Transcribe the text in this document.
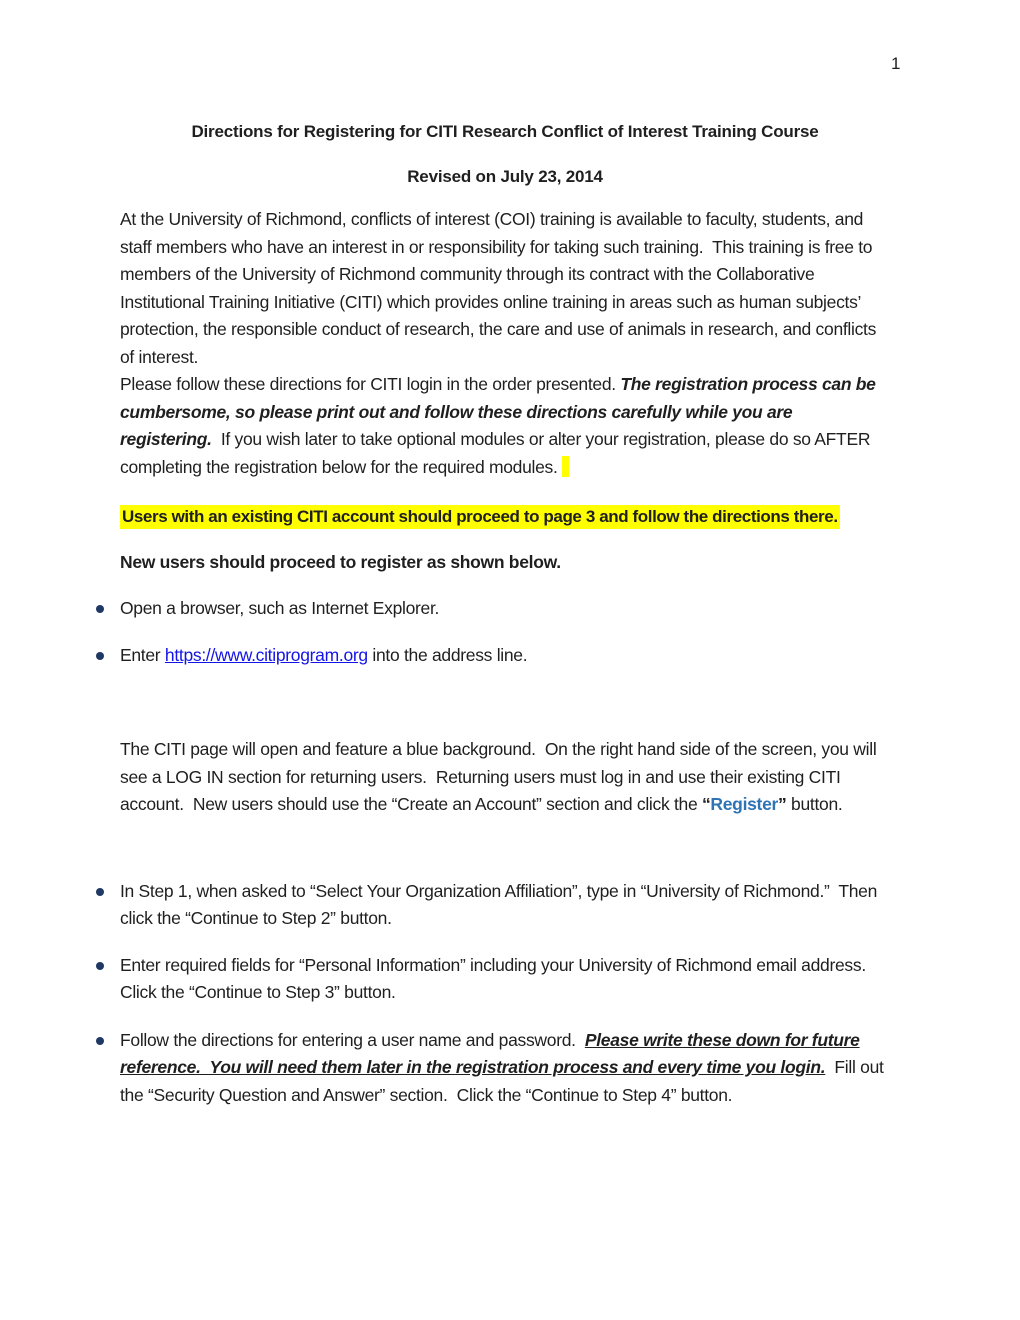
1
Directions for Registering for CITI Research Conflict of Interest Training Course
Revised on July 23, 2014
At the University of Richmond, conflicts of interest (COI) training is available to faculty, students, and staff members who have an interest in or responsibility for taking such training.  This training is free to members of the University of Richmond community through its contract with the Collaborative Institutional Training Initiative (CITI) which provides online training in areas such as human subjects’ protection, the responsible conduct of research, the care and use of animals in research, and conflicts of interest.
Please follow these directions for CITI login in the order presented. The registration process can be cumbersome, so please print out and follow these directions carefully while you are registering.  If you wish later to take optional modules or alter your registration, please do so AFTER completing the registration below for the required modules.
Users with an existing CITI account should proceed to page 3 and follow the directions there.
New users should proceed to register as shown below.
Open a browser, such as Internet Explorer.
Enter https://www.citiprogram.org into the address line.
The CITI page will open and feature a blue background.  On the right hand side of the screen, you will see a LOG IN section for returning users.  Returning users must log in and use their existing CITI account.  New users should use the “Create an Account” section and click the “Register” button.
In Step 1, when asked to “Select Your Organization Affiliation”, type in “University of Richmond.”  Then click the “Continue to Step 2” button.
Enter required fields for “Personal Information” including your University of Richmond email address.  Click the “Continue to Step 3” button.
Follow the directions for entering a user name and password.  Please write these down for future reference.  You will need them later in the registration process and every time you login.  Fill out the “Security Question and Answer” section.  Click the “Continue to Step 4” button.
